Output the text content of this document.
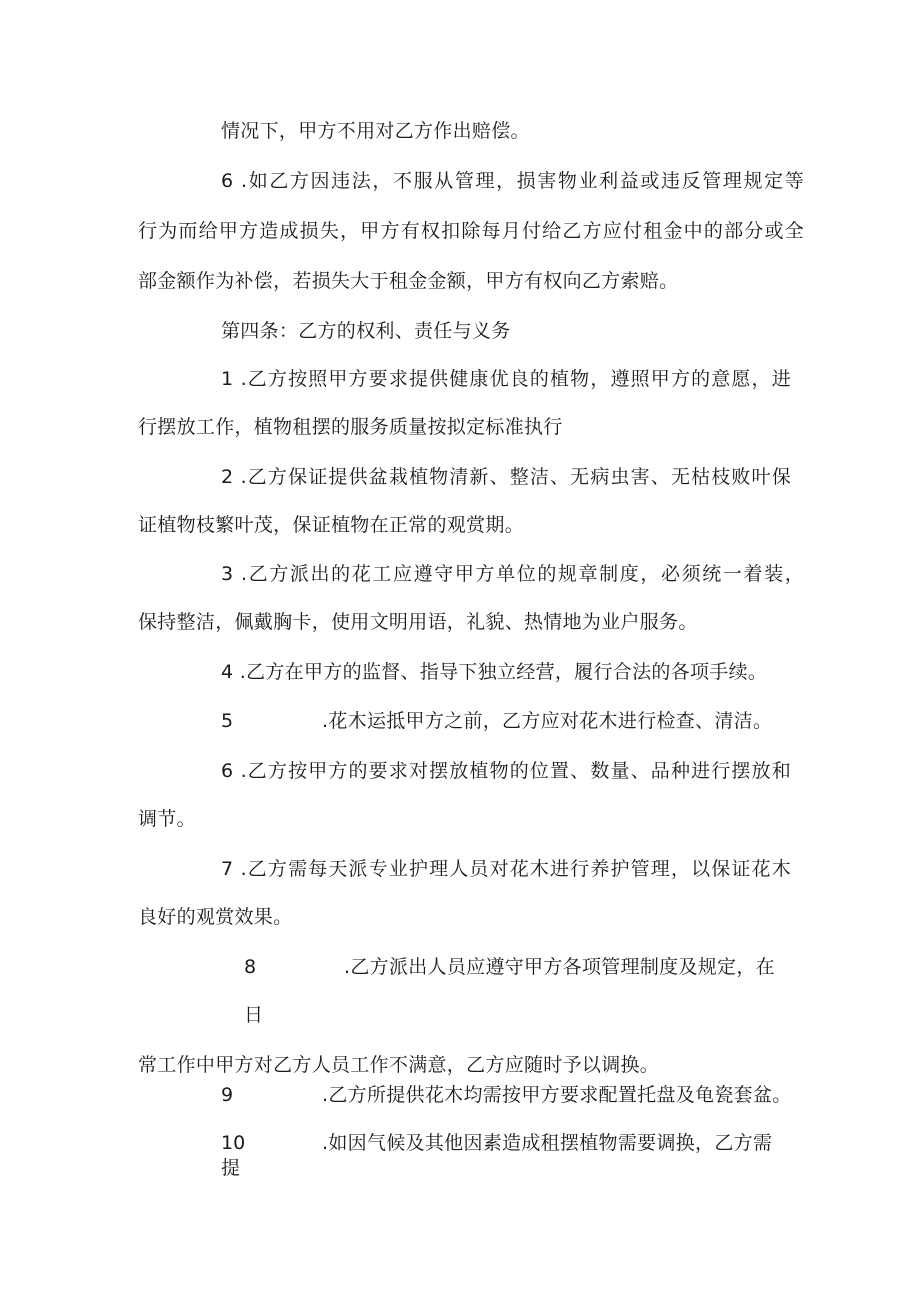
情况下，甲方不用对乙方作出赔偿。
6 .如乙方因违法，不服从管理，损害物业利益或违反管理规定等
行为而给甲方造成损失，甲方有权扣除每月付给乙方应付租金中的部分或全
部金额作为补偿，若损失大于租金金额，甲方有权向乙方索赔。
第四条：乙方的权利、责任与义务
1 .乙方按照甲方要求提供健康优良的植物，遵照甲方的意愿，进
行摆放工作，植物租摆的服务质量按拟定标准执行
2 .乙方保证提供盆栽植物清新、整洁、无病虫害、无枯枝败叶保
证植物枝繁叶茂，保证植物在正常的观赏期。
3 .乙方派出的花工应遵守甲方单位的规章制度，必须统一着装，
保持整洁，佩戴胸卡，使用文明用语，礼貌、热情地为业户服务。
4 .乙方在甲方的监督、指导下独立经营，履行合法的各项手续。
5	.花木运抵甲方之前，乙方应对花木进行检查、清洁。
6 .乙方按甲方的要求对摆放植物的位置、数量、品种进行摆放和
调节。
7 .乙方需每天派专业护理人员对花木进行养护管理，以保证花木
良好的观赏效果。
8	.乙方派出人员应遵守甲方各项管理制度及规定，在
日
常工作中甲方对乙方人员工作不满意，乙方应随时予以调换。
9	.乙方所提供花木均需按甲方要求配置托盘及龟瓷套盆。
10	.如因气候及其他因素造成租摆植物需要调换，乙方需
提
